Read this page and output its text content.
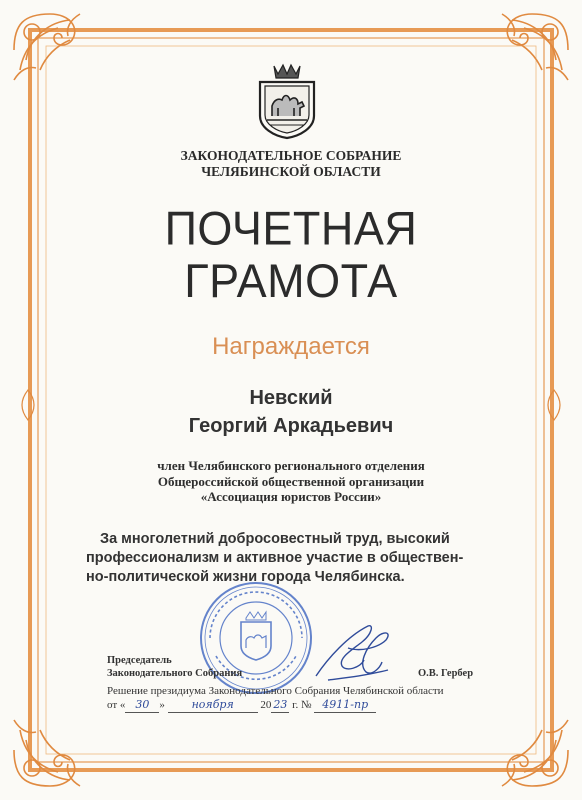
ЗАКОНОДАТЕЛЬНОЕ СОБРАНИЕ
ЧЕЛЯБИНСКОЙ ОБЛАСТИ
ПОЧЕТНАЯ
ГРАМОТА
Награждается
Невский
Георгий Аркадьевич
член Челябинского регионального отделения
Общероссийской общественной организации
«Ассоциация юристов России»
За многолетний добросовестный труд, высокий
профессионализм и активное участие в обществен-
но-политической жизни города Челябинска.
Председатель
Законодательного Собрания	О.В. Гербер
Решение президиума Законодательного Собрания Челябинской области
от « 30 » ноября 20 23 г. № 4911-пр
